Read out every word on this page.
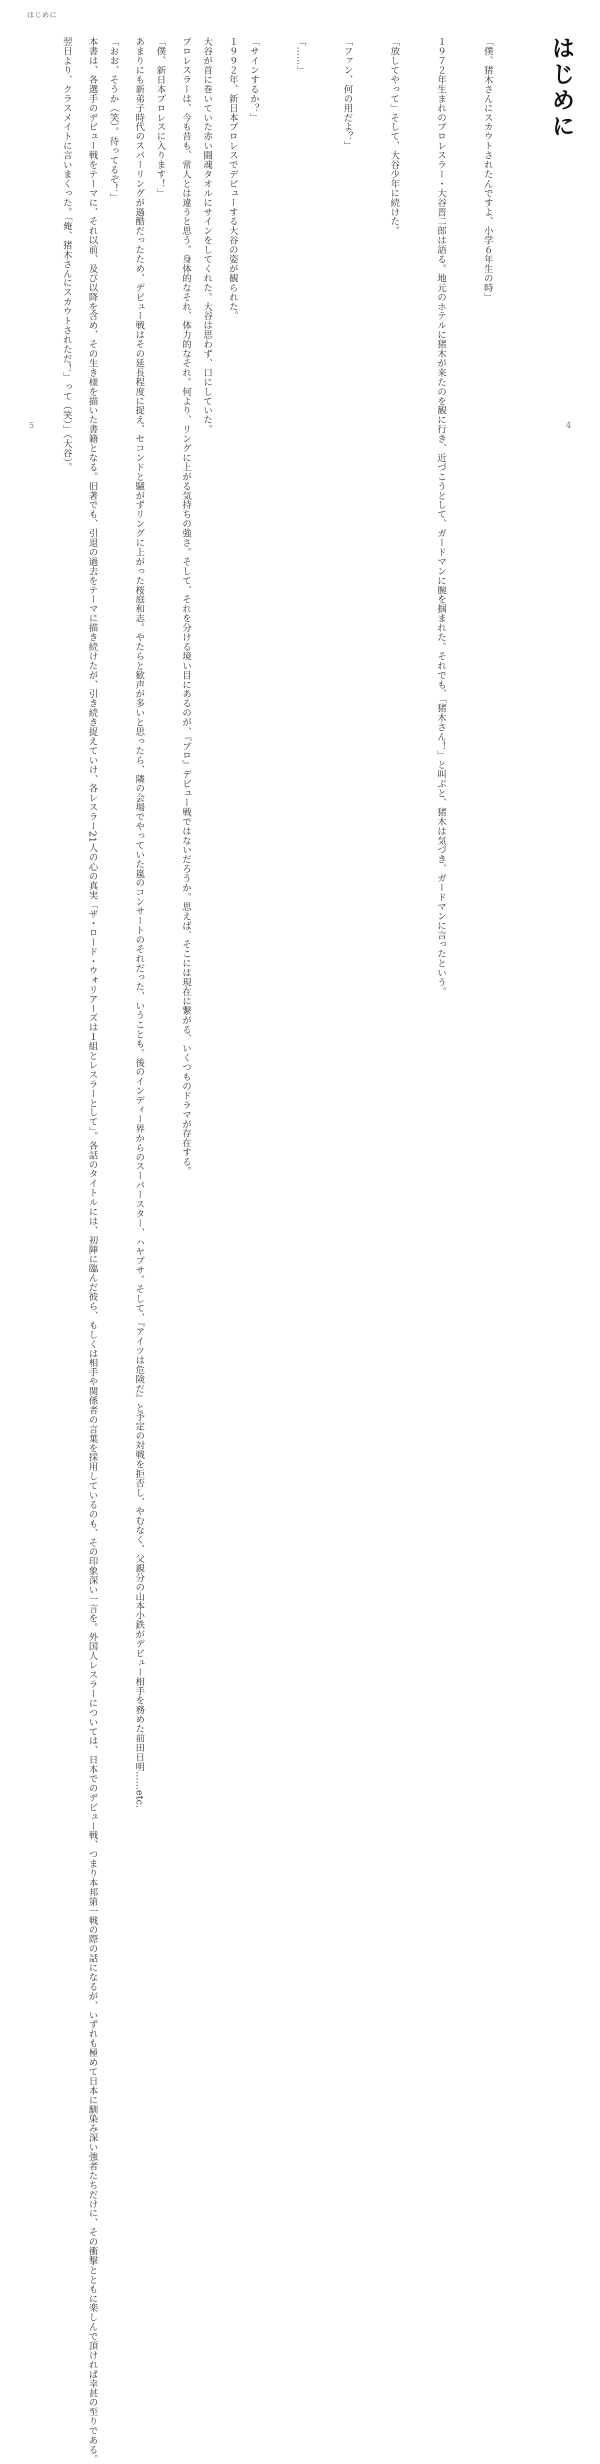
はじめに

１９９２年、新日本プロレスでデビューする大谷の姿が観られた。

プロレスラーは、今も昔も、常人とは違うと思う。身体的なそれ、体力的なそれ。何より、リングに上がる気持ちの強さ。そして、それを分ける境い目にあるのが、『プロ』デビュー戦ではないだろうか。思えば、そこには現在に繋がる、いくつものドラマが存在する。

あまりにも新弟子時代のスパーリングが過酷だったため、デビュー戦はその延長程度に捉え、セコンドと騒がずリングに上がった桜庭和志。やたらと歓声が多いと思ったら、隣の会場でやっていた嵐のコンサートのそれだった、いうことも。後のインディー界からのスーパースター、ハヤブサ。そして、『アイツは危険だ』と予定の対戦を拒否し、やむなく、父親分の山本小鉄がデビュー相手を務めた前田日明……etc.

本書は、各選手のデビュー戦をテーマに、それ以前、及び以降を含め、その生き様を描いた書籍となる。旧著でも、引退の過去をテーマに描き続けたが、引き続き捉えていけ、各レスラー21人の心の真実「ザ・ロード・ウォリアーズは１組とレスラーとして」。各話のタイトルには、初陣に臨んだ彼ら、もしくは相手や関係者の言葉を採用しているのも、その印象深い一言を。外国人レスラーについては、日本でのデビュー戦、つまり本邦第一戦の際の話になるが、いずれも極めて日本に馴染み深い強者たちだけに、その衝撃とともに楽しんで頂ければ幸甚の至りである。

	「僕、猪木さんにスカウトされたんですよ、小学６年生の時」

１９７２年生まれのプロレスラー・大谷晋二郎は語る。地元のホテルに猪木が来たのを観に行き、近づこうとして、ガードマンに腕を掴まれた。それでも、「猪木さん！」と叫ぶと、猪木は気づき、ガードマンに言ったという。

「放してやって」そして、大谷少年に続けた。

「ファン、何の用だよ？」

「……」

「サインするか？」

大谷が首に巻いていた赤い闘魂タオルにサインをしてくれた。大谷は思わず、口にしていた。

「僕、新日本プロレスに入ります！」

「おお、そうか（笑）。待ってるぞ！」

翌日より、クラスメイトに言いまくった。「俺、猪木さんにスカウトされただ！」って（笑）」（大谷）。

	はじめに
5	4
